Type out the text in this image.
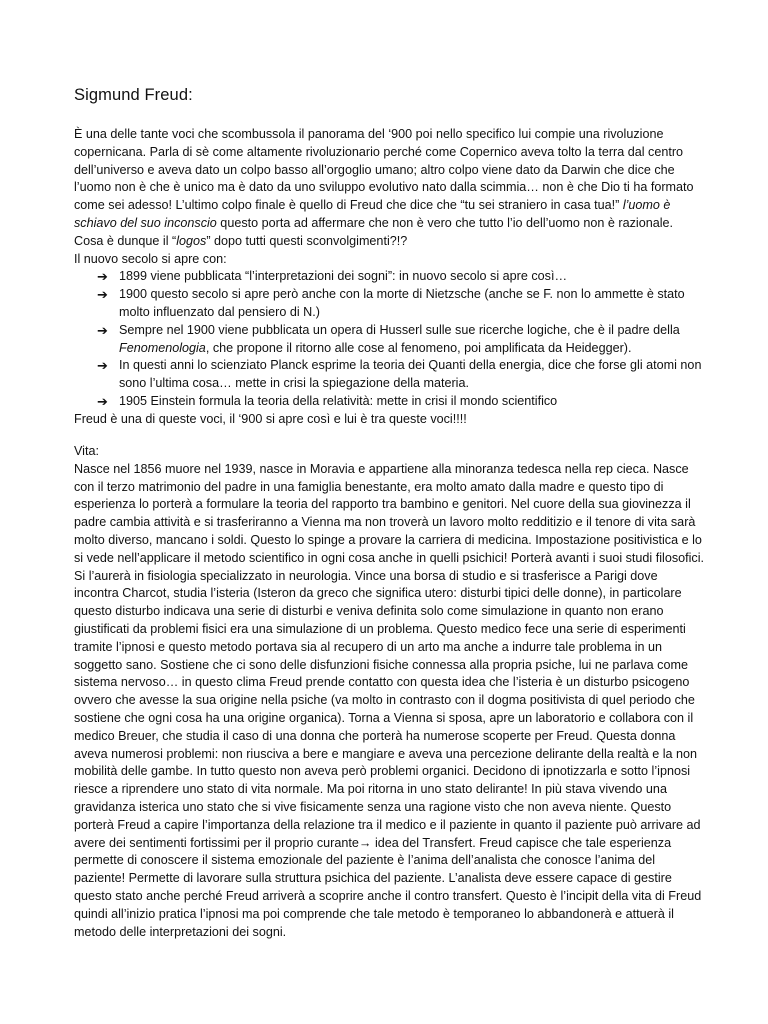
Sigmund Freud:

È una delle tante voci che scombussola il panorama del ‘900 poi nello specifico lui compie una rivoluzione copernicana. Parla di sè come altamente rivoluzionario perché come Copernico aveva tolto la terra dal centro dell’universo e aveva dato un colpo basso all’orgoglio umano; altro colpo viene dato da Darwin che dice che l’uomo non è che è unico ma è dato da uno sviluppo evolutivo nato dalla scimmia… non è che Dio ti ha formato come sei adesso! L’ultimo colpo finale è quello di Freud che dice che “tu sei straniero in casa tua!” l’uomo è schiavo del suo inconscio questo porta ad affermare che non è vero che tutto l’io dell’uomo non è razionale. Cosa è dunque il “logos” dopo tutti questi sconvolgimenti?!?

Il nuovo secolo si apre con:

➔ 1899 viene pubblicata “l’interpretazioni dei sogni”: in nuovo secolo si apre così…
➔ 1900 questo secolo si apre però anche con la morte di Nietzsche (anche se F. non lo ammette è stato molto influenzato dal pensiero di N.)
➔ Sempre nel 1900 viene pubblicata un opera di Husserl sulle sue ricerche logiche, che è il padre della Fenomenologia, che propone il ritorno alle cose al fenomeno, poi amplificata da Heidegger).
➔ In questi anni lo scienziato Planck esprime la teoria dei Quanti della energia, dice che forse gli atomi non sono l’ultima cosa… mette in crisi la spiegazione della materia.
➔ 1905 Einstein formula la teoria della relatività: mette in crisi il mondo scientifico

Freud è una di queste voci, il ‘900 si apre così e lui è tra queste voci!!!!

Vita:

Nasce nel 1856 muore nel 1939, nasce in Moravia e appartiene alla minoranza tedesca nella rep cieca. Nasce con il terzo matrimonio del padre in una famiglia benestante, era molto amato dalla madre e questo tipo di esperienza lo porterà a formulare la teoria del rapporto tra bambino e genitori. Nel cuore della sua giovinezza il padre cambia attività e si trasferiranno a Vienna ma non troverà un lavoro molto redditizio e il tenore di vita sarà molto diverso, mancano i soldi. Questo lo spinge a provare la carriera di medicina. Impostazione positivistica e lo si vede nell’applicare il metodo scientifico in ogni cosa anche in quelli psichici! Porterà avanti i suoi studi filosofici. Si l’aurerà in fisiologia specializzato in neurologia. Vince una borsa di studio e si trasferisce a Parigi dove incontra Charcot, studia l’isteria (Isteron da greco che significa utero: disturbi tipici delle donne), in particolare questo disturbo indicava una serie di disturbi e veniva definita solo come simulazione in quanto non erano giustificati da problemi fisici era una simulazione di un problema. Questo medico fece una serie di esperimenti tramite l’ipnosi e questo metodo portava sia al recupero di un arto ma anche a indurre tale problema in un soggetto sano. Sostiene che ci sono delle disfunzioni fisiche connessa alla propria psiche, lui ne parlava come sistema nervoso… in questo clima Freud prende contatto con questa idea che l’isteria è un disturbo psicogeno ovvero che avesse la sua origine nella psiche (va molto in contrasto con il dogma positivista di quel periodo che sostiene che ogni cosa ha una origine organica). Torna a Vienna si sposa, apre un laboratorio e collabora con il medico Breuer, che studia il caso di una donna che porterà ha numerose scoperte per Freud. Questa donna aveva numerosi problemi: non riusciva a bere e mangiare e aveva una percezione delirante della realtà e la non mobilità delle gambe. In tutto questo non aveva però problemi organici. Decidono di ipnotizzarla e sotto l’ipnosi riesce a riprendere uno stato di vita normale. Ma poi ritorna in uno stato delirante! In più stava vivendo una gravidanza isterica uno stato che si vive fisicamente senza una ragione visto che non aveva niente. Questo porterà Freud a capire l’importanza della relazione tra il medico e il paziente in quanto il paziente può arrivare ad avere dei sentimenti fortissimi per il proprio curante→ idea del Transfert. Freud capisce che tale esperienza permette di conoscere il sistema emozionale del paziente è l’anima dell’analista che conosce l’anima del paziente! Permette di lavorare sulla struttura psichica del paziente. L’analista deve essere capace di gestire questo stato anche perché Freud arriverà a scoprire anche il contro transfert. Questo è l’incipit della vita di Freud quindi all’inizio pratica l’ipnosi ma poi comprende che tale metodo è temporaneo lo abbandonerà e attuerà il metodo delle interpretazioni dei sogni.
